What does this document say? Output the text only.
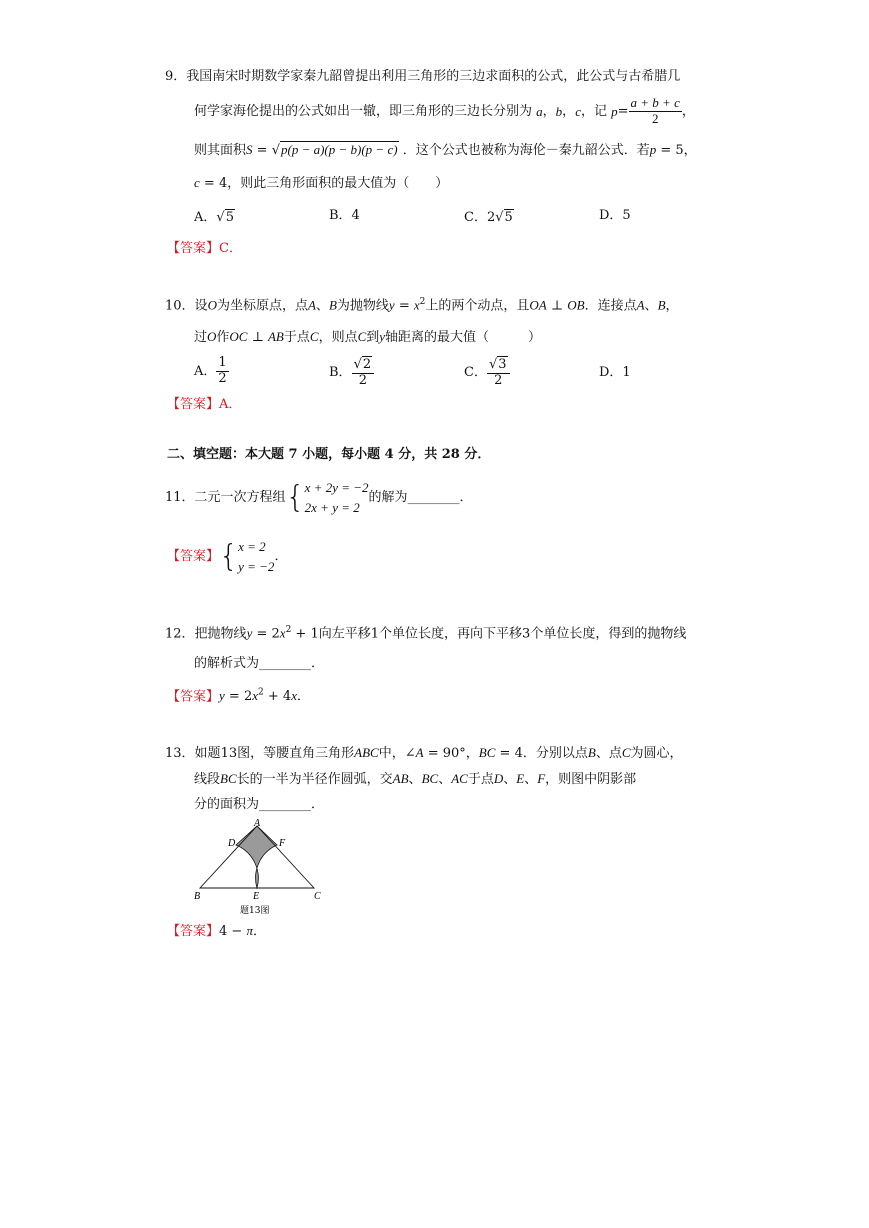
9．我国南宋时期数学家秦九韶曾提出利用三角形的三边求面积的公式，此公式与古希腊几
何学家海伦提出的公式如出一辙，即三角形的三边长分别为 a，b，c，记 $p= \frac{a + b + c}{2}$ ，
则其面积S = √p(p − a)(p − b)(p − c) ．这个公式也被称为海伦－秦九韶公式．若p = 5，
c = 4，则此三角形面积的最大值为（　　）
A．√5	B．4	C．2√5	D．5
【答案】C．
10．设O为坐标原点，点A、B为抛物线$y = x^2$上的两个动点，且OA ⊥ OB．连接点A、B，
过O作OC ⊥ AB于点C，则点C到y轴距离的最大值（　　　）
A． $\frac{1}{2}$	B． $\frac{√2}{2}$	C． $\frac{√3}{2}$	D．1
【答案】A．
二、填空题：本大题 7 小题，每小题 4 分，共 28 分．
11．二元一次方程组{ x + 2y = −2
2x + y = 2
的解为________．
【答案】{ x = 2
y = −2
．
12．把抛物线$y = 2x^2 + 1$向左平移1个单位长度，再向下平移3个单位长度，得到的抛物线
的解析式为________．
【答案】$y = 2x^2 + 4x$．
13．如题13图，等腰直角三角形ABC中，∠A = 90°，BC = 4．分别以点B、点C为圆心，
线段BC长的一半为半径作圆弧，交AB、BC、AC于点D、E、F，则图中阴影部
分的面积为________．
A
D	F
B	E	C
题13图
【答案】4 − π．
